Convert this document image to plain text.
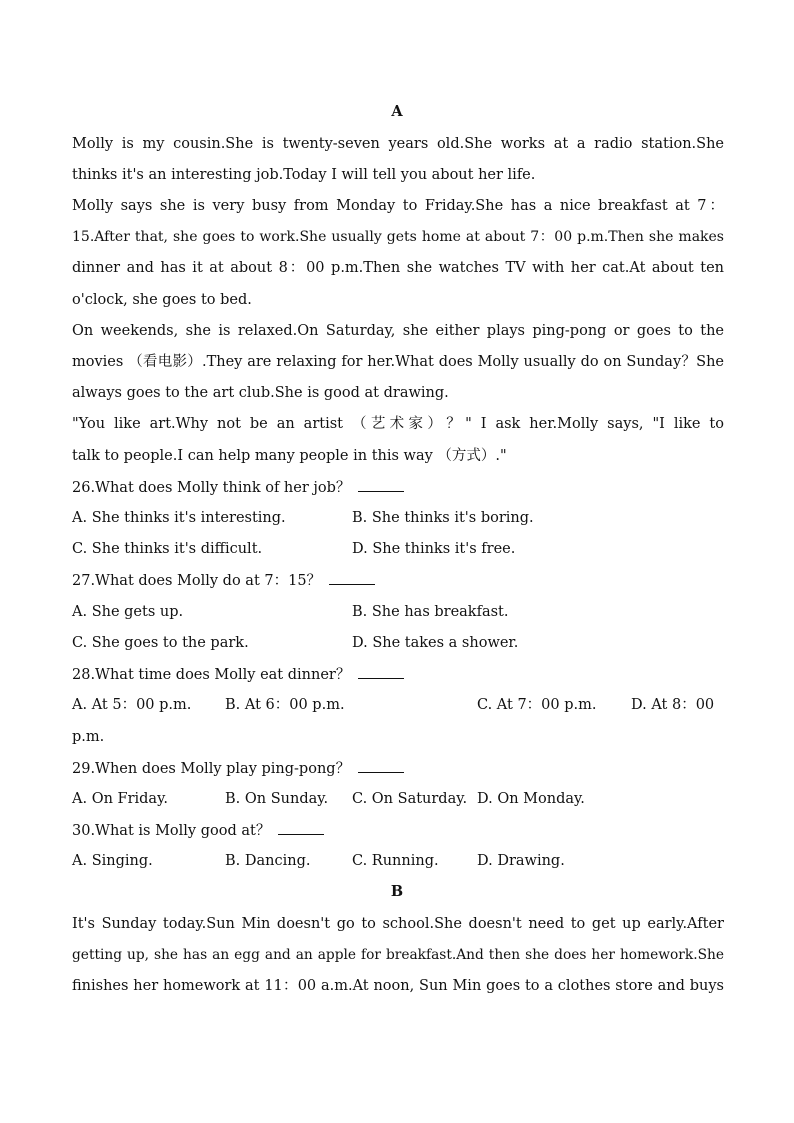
A
Molly is my cousin.She is twenty-seven years old.She works at a radio station.She
thinks it's an interesting job.Today I will tell you about her life.
Molly says she is very busy from Monday to Friday.She has a nice breakfast at 7：
15.After that, she goes to work.She usually gets home at about 7：00 p.m.Then she makes
dinner and has it at about 8：00 p.m.Then she watches TV with her cat.At about ten
o'clock, she goes to bed.
On weekends, she is relaxed.On Saturday, she either plays ping-pong or goes to the
movies （看电影）.They are relaxing for her.What does Molly usually do on Sunday？She
always goes to the art club.She is good at drawing.
"You like art.Why not be an artist （艺术家）？" I ask her.Molly says, "I like to
talk to people.I can help many people in this way （方式）."
26.What does Molly think of her job？
A. She thinks it's interesting.	B. She thinks it's boring.
C. She thinks it's difficult.	D. She thinks it's free.
27.What does Molly do at 7：15？
A. She gets up.	B. She has breakfast.
C. She goes to the park.	D. She takes a shower.
28.What time does Molly eat dinner？
A. At 5：00 p.m. B. At 6：00 p.m.	C. At 7：00 p.m. D. At 8：00
p.m.
29.When does Molly play ping-pong？
A. On Friday.	B. On Sunday. C. On Saturday. D. On Monday.
30.What is Molly good at？
A. Singing.	B. Dancing.	C. Running.	D. Drawing.
B
It's Sunday today.Sun Min doesn't go to school.She doesn't need to get up early.After
getting up, she has an egg and an apple for breakfast.And then she does her homework.She
finishes her homework at 11：00 a.m.At noon, Sun Min goes to a clothes store and buys
